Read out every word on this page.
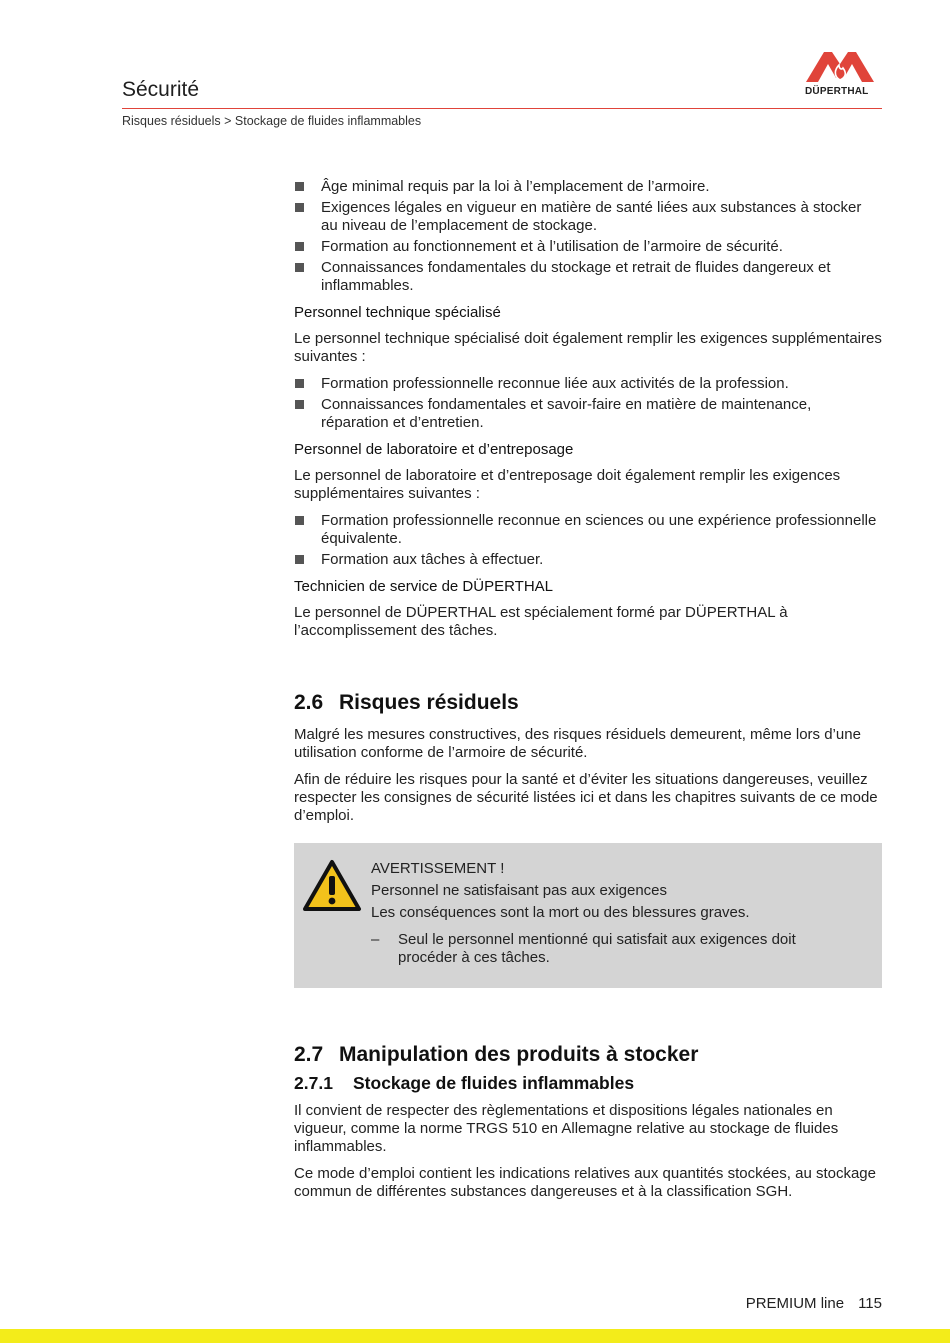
Sécurité	DÜPERTHAL
Risques résiduels > Stockage de fluides inflammables
Âge minimal requis par la loi à l’emplacement de l’armoire.
Exigences légales en vigueur en matière de santé liées aux substances à stocker au niveau de l’emplacement de stockage.
Formation au fonctionnement et à l’utilisation de l’armoire de sécurité.
Connaissances fondamentales du stockage et retrait de fluides dangereux et inflammables.
Personnel technique spécialisé

Le personnel technique spécialisé doit également remplir les exigences supplémentaires suivantes :

Formation professionnelle reconnue liée aux activités de la profession.
Connaissances fondamentales et savoir-faire en matière de maintenance, réparation et d’entretien.
Personnel de laboratoire et d’entreposage

Le personnel de laboratoire et d’entreposage doit également remplir les exigences supplémentaires suivantes :

Formation professionnelle reconnue en sciences ou une expérience professionnelle équivalente.
Formation aux tâches à effectuer.
Technicien de service de DÜPERTHAL

Le personnel de DÜPERTHAL est spécialement formé par DÜPERTHAL à l’accomplissement des tâches.

2.6 Risques résiduels

Malgré les mesures constructives, des risques résiduels demeurent, même lors d’une utilisation conforme de l’armoire de sécurité.

Afin de réduire les risques pour la santé et d’éviter les situations dangereuses, veuillez respecter les consignes de sécurité listées ici et dans les chapitres suivants de ce mode d’emploi.

AVERTISSEMENT !
Personnel ne satisfaisant pas aux exigences
Les conséquences sont la mort ou des blessures graves.
– Seul le personnel mentionné qui satisfait aux exigences doit procéder à ces tâches.
2.7 Manipulation des produits à stocker
2.7.1 Stockage de fluides inflammables

Il convient de respecter des règlementations et dispositions légales nationales en vigueur, comme la norme TRGS 510 en Allemagne relative au stockage de fluides inflammables.

Ce mode d’emploi contient les indications relatives aux quantités stockées, au stockage commun de différentes substances dangereuses et à la classification SGH.

PREMIUM line 115
